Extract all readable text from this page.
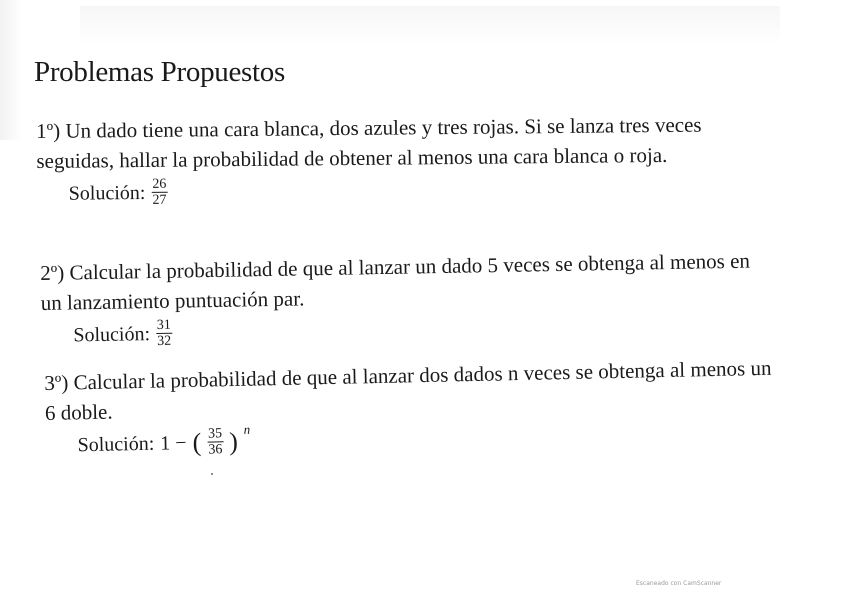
Problemas Propuestos

1º) Un dado tiene una cara blanca, dos azules y tres rojas. Si se lanza tres veces seguidas, hallar la probabilidad de obtener al menos una cara blanca o roja.

Solución: $\frac{26}{27}$

2º) Calcular la probabilidad de que al lanzar un dado 5 veces se obtenga al menos en un lanzamiento puntuación par.

Solución: $\frac{31}{32}$

3º) Calcular la probabilidad de que al lanzar dos dados n veces se obtenga al menos un 6 doble.

Solución: 1 − ( $\frac{35}{36}$ ) n
Escaneado con CamScanner
